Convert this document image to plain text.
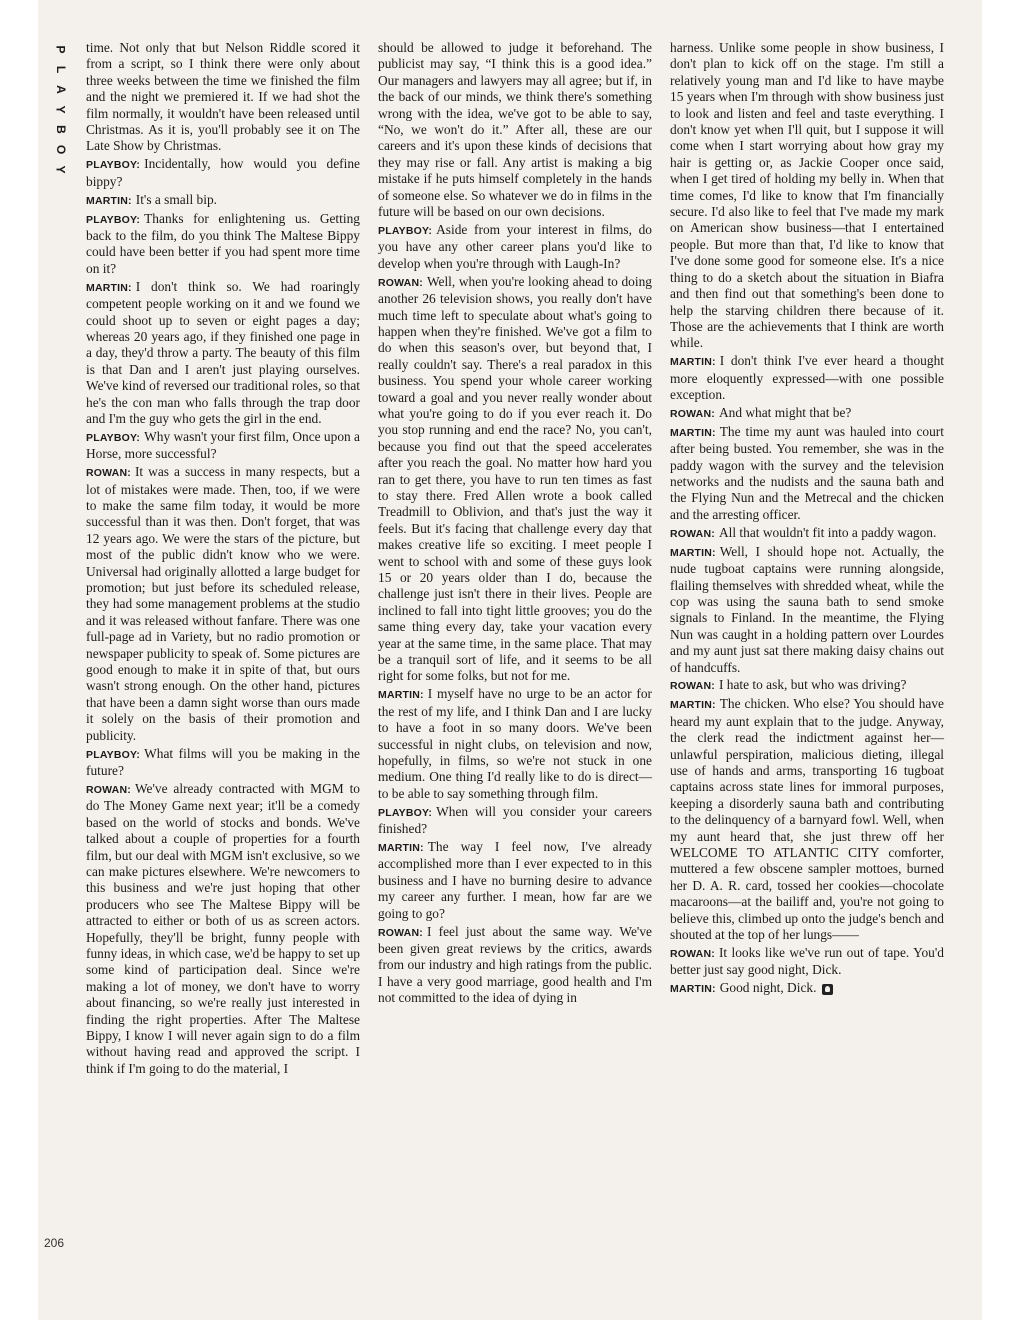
P
L
A
Y
B
O
Y

time. Not only that but Nelson Riddle scored it from a script, so I think there were only about three weeks between the time we finished the film and the night we premiered it. If we had shot the film normally, it wouldn't have been released until Christmas. As it is, you'll probably see it on The Late Show by Christmas.

PLAYBOY: Incidentally, how would you define bippy?

MARTIN: It's a small bip.

PLAYBOY: Thanks for enlightening us. Getting back to the film, do you think The Maltese Bippy could have been better if you had spent more time on it?

MARTIN: I don't think so. We had roaringly competent people working on it and we found we could shoot up to seven or eight pages a day; whereas 20 years ago, if they finished one page in a day, they'd throw a party. The beauty of this film is that Dan and I aren't just playing ourselves. We've kind of reversed our traditional roles, so that he's the con man who falls through the trap door and I'm the guy who gets the girl in the end.

PLAYBOY: Why wasn't your first film, Once upon a Horse, more successful?

ROWAN: It was a success in many respects, but a lot of mistakes were made. Then, too, if we were to make the same film today, it would be more successful than it was then. Don't forget, that was 12 years ago. We were the stars of the picture, but most of the public didn't know who we were. Universal had originally allotted a large budget for promotion; but just before its scheduled release, they had some management problems at the studio and it was released without fanfare. There was one full-page ad in Variety, but no radio promotion or newspaper publicity to speak of. Some pictures are good enough to make it in spite of that, but ours wasn't strong enough. On the other hand, pictures that have been a damn sight worse than ours made it solely on the basis of their promotion and publicity.

PLAYBOY: What films will you be making in the future?

ROWAN: We've already contracted with MGM to do The Money Game next year; it'll be a comedy based on the world of stocks and bonds. We've talked about a couple of properties for a fourth film, but our deal with MGM isn't exclusive, so we can make pictures elsewhere. We're newcomers to this business and we're just hoping that other producers who see The Maltese Bippy will be attracted to either or both of us as screen actors. Hopefully, they'll be bright, funny people with funny ideas, in which case, we'd be happy to set up some kind of participation deal. Since we're making a lot of money, we don't have to worry about financing, so we're really just interested in finding the right properties. After The Maltese Bippy, I know I will never again sign to do a film without having read and approved the script. I think if I'm going to do the material, I

should be allowed to judge it beforehand. The publicist may say, “I think this is a good idea.” Our managers and lawyers may all agree; but if, in the back of our minds, we think there's something wrong with the idea, we've got to be able to say, “No, we won't do it.” After all, these are our careers and it's upon these kinds of decisions that they may rise or fall. Any artist is making a big mistake if he puts himself completely in the hands of someone else. So whatever we do in films in the future will be based on our own decisions.

PLAYBOY: Aside from your interest in films, do you have any other career plans you'd like to develop when you're through with Laugh-In?

ROWAN: Well, when you're looking ahead to doing another 26 television shows, you really don't have much time left to speculate about what's going to happen when they're finished. We've got a film to do when this season's over, but beyond that, I really couldn't say. There's a real paradox in this business. You spend your whole career working toward a goal and you never really wonder about what you're going to do if you ever reach it. Do you stop running and end the race? No, you can't, because you find out that the speed accelerates after you reach the goal. No matter how hard you ran to get there, you have to run ten times as fast to stay there. Fred Allen wrote a book called Treadmill to Oblivion, and that's just the way it feels. But it's facing that challenge every day that makes creative life so exciting. I meet people I went to school with and some of these guys look 15 or 20 years older than I do, because the challenge just isn't there in their lives. People are inclined to fall into tight little grooves; you do the same thing every day, take your vacation every year at the same time, in the same place. That may be a tranquil sort of life, and it seems to be all right for some folks, but not for me.

MARTIN: I myself have no urge to be an actor for the rest of my life, and I think Dan and I are lucky to have a foot in so many doors. We've been successful in night clubs, on television and now, hopefully, in films, so we're not stuck in one medium. One thing I'd really like to do is direct—to be able to say something through film.

PLAYBOY: When will you consider your careers finished?

MARTIN: The way I feel now, I've already accomplished more than I ever expected to in this business and I have no burning desire to advance my career any further. I mean, how far are we going to go?

ROWAN: I feel just about the same way. We've been given great reviews by the critics, awards from our industry and high ratings from the public. I have a very good marriage, good health and I'm not committed to the idea of dying in

harness. Unlike some people in show business, I don't plan to kick off on the stage. I'm still a relatively young man and I'd like to have maybe 15 years when I'm through with show business just to look and listen and feel and taste everything. I don't know yet when I'll quit, but I suppose it will come when I start worrying about how gray my hair is getting or, as Jackie Cooper once said, when I get tired of holding my belly in. When that time comes, I'd like to know that I'm financially secure. I'd also like to feel that I've made my mark on American show business—that I entertained people. But more than that, I'd like to know that I've done some good for someone else. It's a nice thing to do a sketch about the situation in Biafra and then find out that something's been done to help the starving children there because of it. Those are the achievements that I think are worth while.

MARTIN: I don't think I've ever heard a thought more eloquently expressed—with one possible exception.

ROWAN: And what might that be?

MARTIN: The time my aunt was hauled into court after being busted. You remember, she was in the paddy wagon with the survey and the television networks and the nudists and the sauna bath and the Flying Nun and the Metrecal and the chicken and the arresting officer.

ROWAN: All that wouldn't fit into a paddy wagon.

MARTIN: Well, I should hope not. Actually, the nude tugboat captains were running alongside, flailing themselves with shredded wheat, while the cop was using the sauna bath to send smoke signals to Finland. In the meantime, the Flying Nun was caught in a holding pattern over Lourdes and my aunt just sat there making daisy chains out of handcuffs.

ROWAN: I hate to ask, but who was driving?

MARTIN: The chicken. Who else? You should have heard my aunt explain that to the judge. Anyway, the clerk read the indictment against her—unlawful perspiration, malicious dieting, illegal use of hands and arms, transporting 16 tugboat captains across state lines for immoral purposes, keeping a disorderly sauna bath and contributing to the delinquency of a barnyard fowl. Well, when my aunt heard that, she just threw off her WELCOME TO ATLANTIC CITY comforter, muttered a few obscene sampler mottoes, burned her D. A. R. card, tossed her cookies—chocolate macaroons—at the bailiff and, you're not going to believe this, climbed up onto the judge's bench and shouted at the top of her lungs——

ROWAN: It looks like we've run out of tape. You'd better just say good night, Dick.

MARTIN: Good night, Dick.

206
